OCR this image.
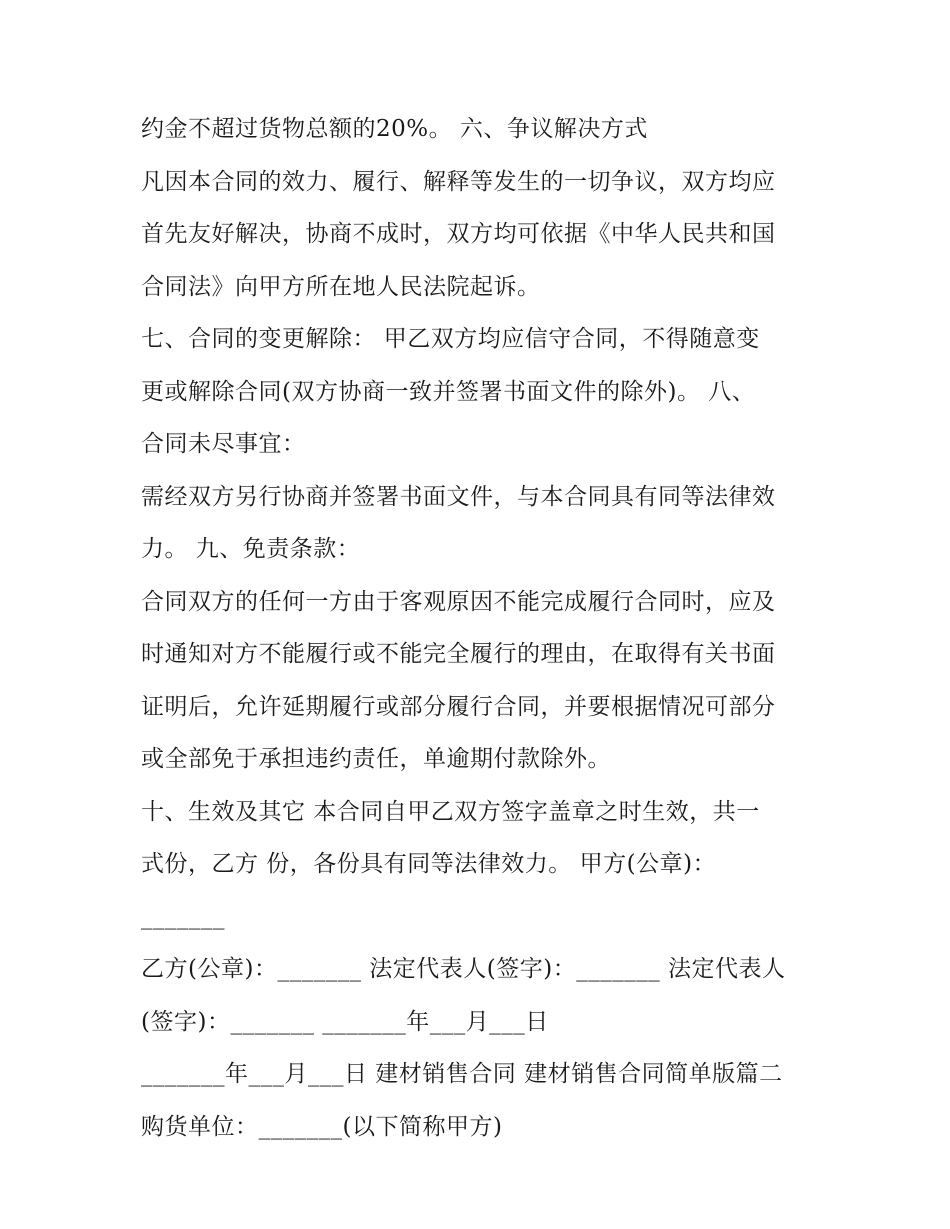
约金不超过货物总额的20%。 六、争议解决方式
凡因本合同的效力、履行、解释等发生的一切争议，双方均应
首先友好解决，协商不成时，双方均可依据《中华人民共和国
合同法》向甲方所在地人民法院起诉。
七、合同的变更解除： 甲乙双方均应信守合同，不得随意变
更或解除合同(双方协商一致并签署书面文件的除外)。 八、
合同未尽事宜：
需经双方另行协商并签署书面文件，与本合同具有同等法律效
力。 九、免责条款：
合同双方的任何一方由于客观原因不能完成履行合同时，应及
时通知对方不能履行或不能完全履行的理由，在取得有关书面
证明后，允许延期履行或部分履行合同，并要根据情况可部分
或全部免于承担违约责任，单逾期付款除外。
十、生效及其它 本合同自甲乙双方签字盖章之时生效，共一
式份，乙方 份，各份具有同等法律效力。 甲方(公章)：
_______
乙方(公章)：_______ 法定代表人(签字)：_______ 法定代表人
(签字)：_______ _______年___月___日
_______年___月___日 建材销售合同 建材销售合同简单版篇二
购货单位：_______(以下简称甲方)
